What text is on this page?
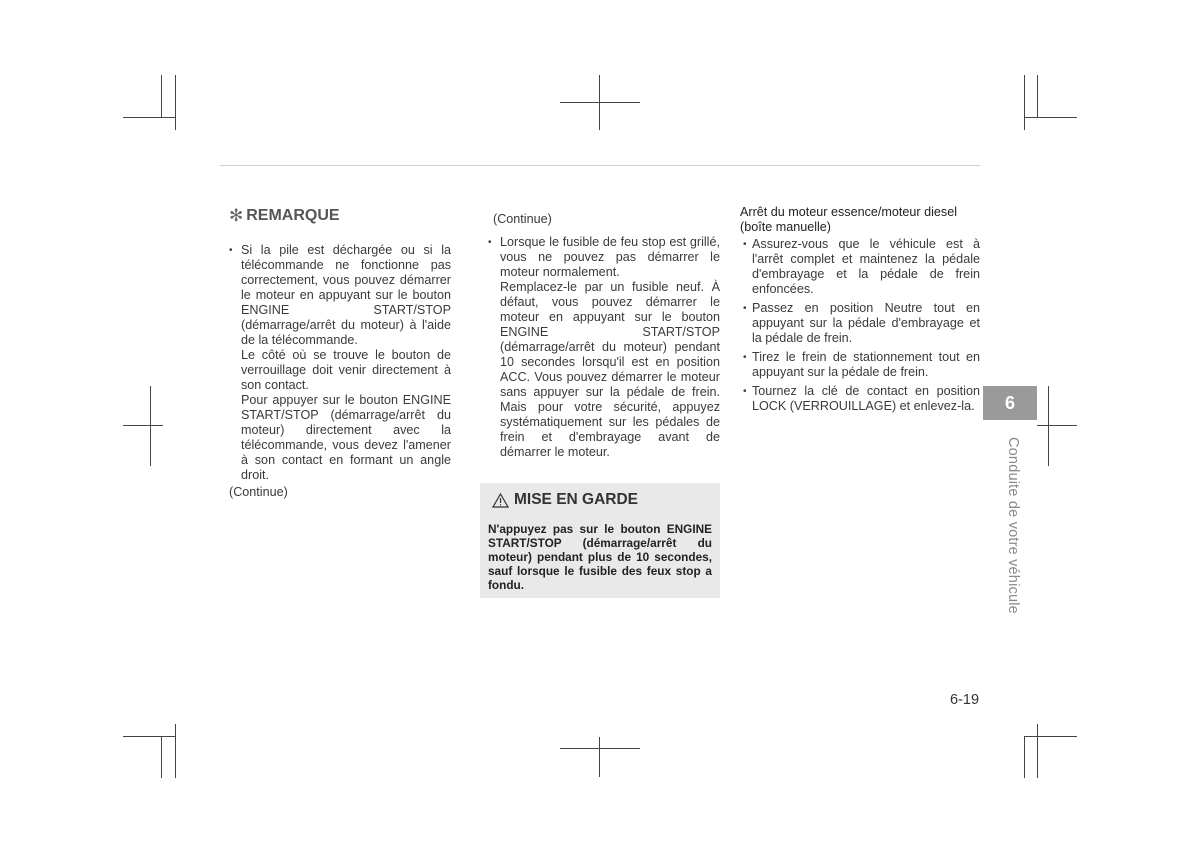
✻ REMARQUE
• Si la pile est déchargée ou si la télécommande ne fonctionne pas correctement, vous pouvez démarrer le moteur en appuyant sur le bouton ENGINE START/STOP (démarrage/arrêt du moteur) à l'aide de la télécommande.
Le côté où se trouve le bouton de verrouillage doit venir directement à son contact.
Pour appuyer sur le bouton ENGINE START/STOP (démarrage/arrêt du moteur) directement avec la télécommande, vous devez l'amener à son contact en formant un angle droit.
(Continue)
(Continue)
• Lorsque le fusible de feu stop est grillé, vous ne pouvez pas démarrer le moteur normalement.
Remplacez-le par un fusible neuf. À défaut, vous pouvez démarrer le moteur en appuyant sur le bouton ENGINE START/STOP (démarrage/arrêt du moteur) pendant 10 secondes lorsqu'il est en position ACC. Vous pouvez démarrer le moteur sans appuyer sur la pédale de frein. Mais pour votre sécurité, appuyez systématiquement sur les pédales de frein et d'embrayage avant de démarrer le moteur.
MISE EN GARDE
N'appuyez pas sur le bouton ENGINE START/STOP (démarrage/arrêt du moteur) pendant plus de 10 secondes, sauf lorsque le fusible des feux stop a fondu.
Arrêt du moteur essence/moteur diesel (boîte manuelle)
• Assurez-vous que le véhicule est à l'arrêt complet et maintenez la pédale d'embrayage et la pédale de frein enfoncées.
• Passez en position Neutre tout en appuyant sur la pédale d'embrayage et la pédale de frein.
• Tirez le frein de stationnement tout en appuyant sur la pédale de frein.
• Tournez la clé de contact en position LOCK (VERROUILLAGE) et enlevez-la.	6
Conduite de votre véhicule
6-19
